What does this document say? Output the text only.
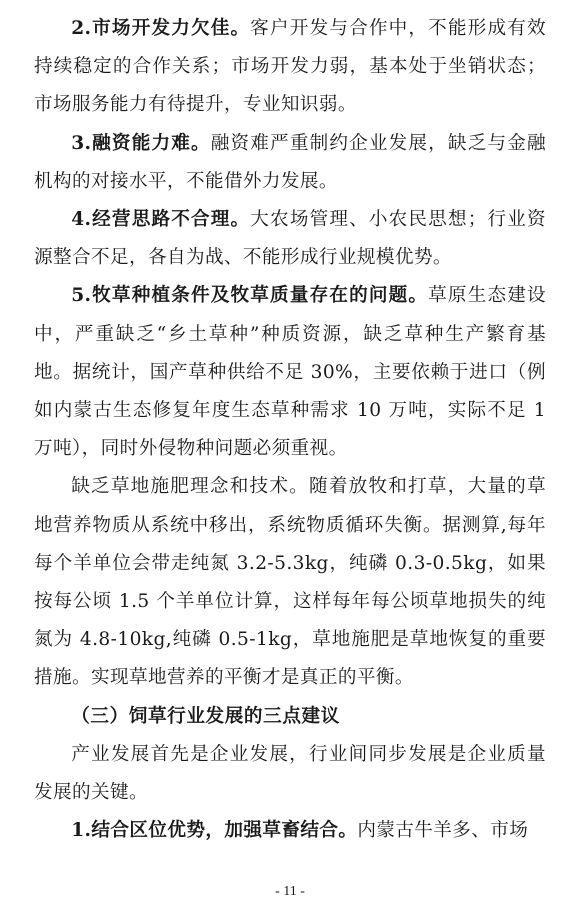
2.市场开发力欠佳。客户开发与合作中，不能形成有效持续稳定的合作关系；市场开发力弱，基本处于坐销状态；市场服务能力有待提升，专业知识弱。

3.融资能力难。融资难严重制约企业发展，缺乏与金融机构的对接水平，不能借外力发展。

4.经营思路不合理。大农场管理、小农民思想；行业资源整合不足，各自为战、不能形成行业规模优势。

5.牧草种植条件及牧草质量存在的问题。草原生态建设中，严重缺乏“乡土草种”种质资源，缺乏草种生产繁育基地。据统计，国产草种供给不足 30%，主要依赖于进口（例如内蒙古生态修复年度生态草种需求 10 万吨，实际不足 1 万吨），同时外侵物种问题必须重视。

缺乏草地施肥理念和技术。随着放牧和打草，大量的草地营养物质从系统中移出，系统物质循环失衡。据测算,每年每个羊单位会带走纯氮 3.2-5.3kg，纯磷 0.3-0.5kg，如果按每公顷 1.5 个羊单位计算，这样每年每公顷草地损失的纯氮为 4.8-10kg,纯磷 0.5-1kg，草地施肥是草地恢复的重要措施。实现草地营养的平衡才是真正的平衡。

（三）饲草行业发展的三点建议

产业发展首先是企业发展，行业间同步发展是企业质量发展的关键。

1.结合区位优势，加强草畜结合。内蒙古牛羊多、市场

- 11 -
